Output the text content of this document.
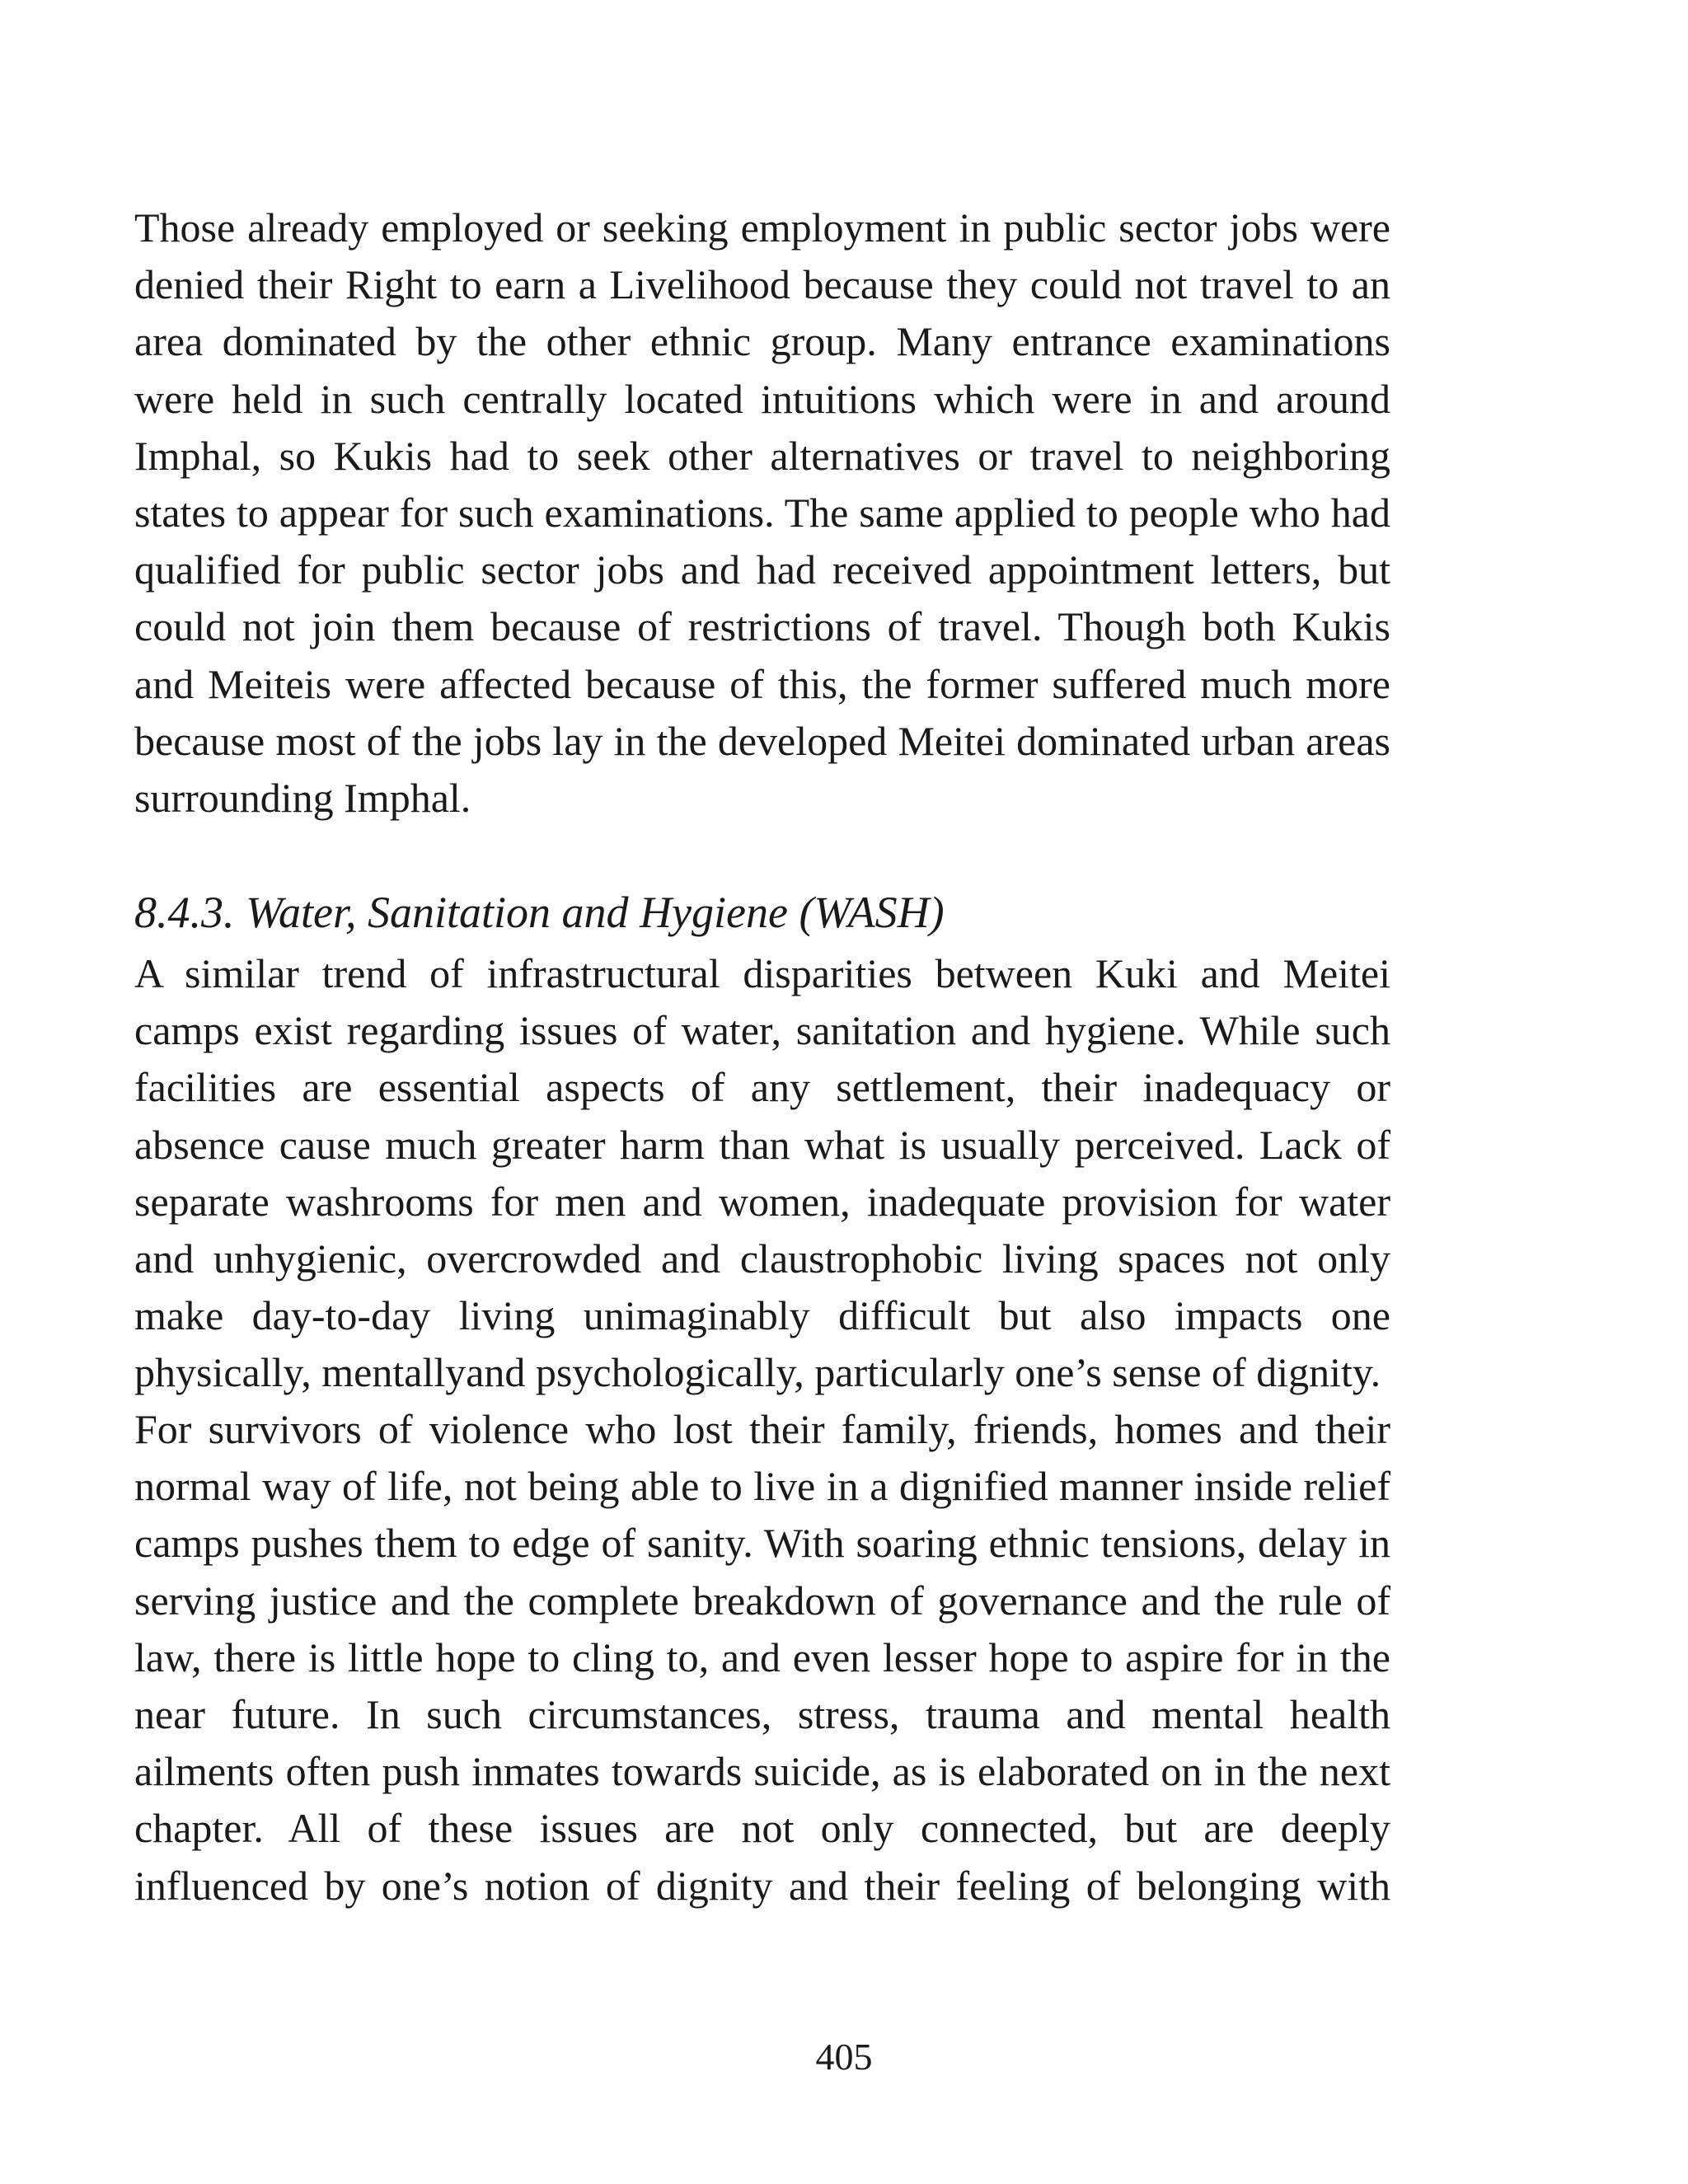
Those already employed or seeking employment in public sector jobs were denied their Right to earn a Livelihood because they could not travel to an area dominated by the other ethnic group. Many entrance examinations were held in such centrally located intuitions which were in and around Imphal, so Kukis had to seek other alternatives or travel to neighboring states to appear for such examinations. The same applied to people who had qualified for public sector jobs and had received appointment letters, but could not join them because of restrictions of travel. Though both Kukis and Meiteis were affected because of this, the former suffered much more because most of the jobs lay in the developed Meitei dominated urban areas surrounding Imphal.

8.4.3. Water, Sanitation and Hygiene (WASH)

A similar trend of infrastructural disparities between Kuki and Meitei camps exist regarding issues of water, sanitation and hygiene. While such facilities are essential aspects of any settlement, their inadequacy or absence cause much greater harm than what is usually perceived. Lack of separate washrooms for men and women, inadequate provision for water and unhygienic, overcrowded and claustrophobic living spaces not only make day-to-day living unimaginably difficult but also impacts one physically, mentallyand psychologically, particularly one’s sense of dignity.

For survivors of violence who lost their family, friends, homes and their normal way of life, not being able to live in a dignified manner inside relief camps pushes them to edge of sanity. With soaring ethnic tensions, delay in serving justice and the complete breakdown of governance and the rule of law, there is little hope to cling to, and even lesser hope to aspire for in the near future. In such circumstances, stress, trauma and mental health ailments often push inmates towards suicide, as is elaborated on in the next chapter. All of these issues are not only connected, but are deeply influenced by one’s notion of dignity and their feeling of belonging with

405
